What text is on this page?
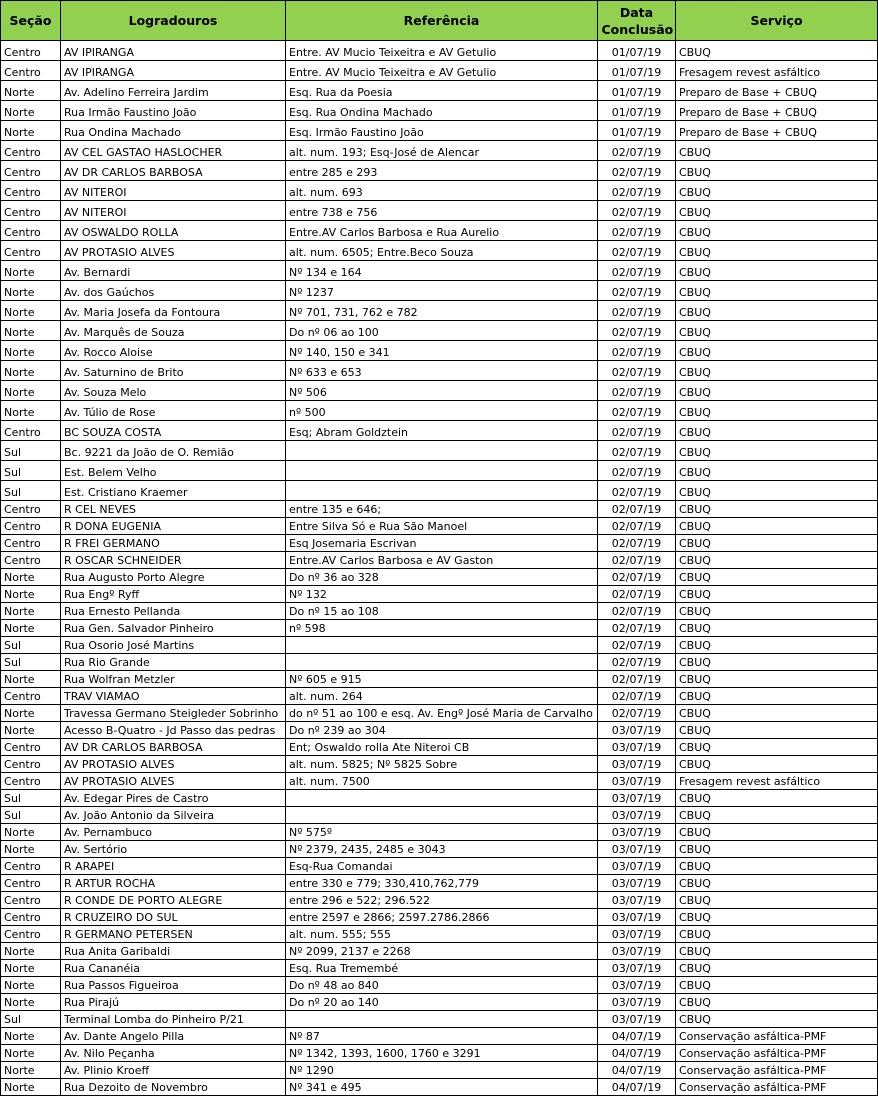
Seção	Logradouros	Referência	Data Conclusão	Serviço
Centro	AV IPIRANGA	Entre. AV Mucio Teixeitra e AV Getulio	01/07/19	CBUQ
Centro	AV IPIRANGA	Entre. AV Mucio Teixeitra e AV Getulio	01/07/19	Fresagem revest asfáltico
Norte	Av. Adelino Ferreira Jardim	Esq. Rua da Poesia	01/07/19	Preparo de Base + CBUQ
Norte	Rua Irmão Faustino João	Esq. Rua Ondina Machado	01/07/19	Preparo de Base + CBUQ
Norte	Rua Ondina Machado	Esq. Irmão Faustino João	01/07/19	Preparo de Base + CBUQ
Centro	AV CEL GASTAO HASLOCHER	alt. num. 193; Esq-José de Alencar	02/07/19	CBUQ
Centro	AV DR CARLOS BARBOSA	entre 285 e 293	02/07/19	CBUQ
Centro	AV NITEROI	alt. num. 693	02/07/19	CBUQ
Centro	AV NITEROI	entre 738 e 756	02/07/19	CBUQ
Centro	AV OSWALDO ROLLA	Entre.AV Carlos Barbosa e Rua Aurelio	02/07/19	CBUQ
Centro	AV PROTASIO ALVES	alt. num. 6505; Entre.Beco Souza	02/07/19	CBUQ
Norte	Av. Bernardi	Nº 134 e 164	02/07/19	CBUQ
Norte	Av. dos Gaúchos	Nº 1237	02/07/19	CBUQ
Norte	Av. Maria Josefa da Fontoura	Nº 701, 731, 762 e 782	02/07/19	CBUQ
Norte	Av. Marquês de Souza	Do nº 06 ao 100	02/07/19	CBUQ
Norte	Av. Rocco Aloise	Nº 140, 150 e 341	02/07/19	CBUQ
Norte	Av. Saturnino de Brito	Nº 633 e 653	02/07/19	CBUQ
Norte	Av. Souza Melo	Nº 506	02/07/19	CBUQ
Norte	Av. Túlio de Rose	nº 500	02/07/19	CBUQ
Centro	BC SOUZA COSTA	Esq; Abram Goldztein	02/07/19	CBUQ
Sul	Bc. 9221 da João de O. Remião		02/07/19	CBUQ
Sul	Est. Belem Velho		02/07/19	CBUQ
Sul	Est. Cristiano Kraemer		02/07/19	CBUQ
Centro	R CEL NEVES	entre 135 e 646;	02/07/19	CBUQ
Centro	R DONA EUGENIA	Entre Silva Só e Rua São Manoel	02/07/19	CBUQ
Centro	R FREI GERMANO	Esq Josemaria Escrivan	02/07/19	CBUQ
Centro	R OSCAR SCHNEIDER	Entre.AV Carlos Barbosa e AV Gaston	02/07/19	CBUQ
Norte	Rua Augusto Porto Alegre	Do nº 36 ao 328	02/07/19	CBUQ
Norte	Rua Engº Ryff	Nº 132	02/07/19	CBUQ
Norte	Rua Ernesto Pellanda	Do nº 15 ao 108	02/07/19	CBUQ
Norte	Rua Gen. Salvador Pinheiro	nº 598	02/07/19	CBUQ
Sul	Rua Osorio José Martins		02/07/19	CBUQ
Sul	Rua Rio Grande		02/07/19	CBUQ
Norte	Rua Wolfran Metzler	Nº 605 e 915	02/07/19	CBUQ
Centro	TRAV VIAMAO	alt. num. 264	02/07/19	CBUQ
Norte	Travessa Germano Steigleder Sobrinho	do nº 51 ao 100 e esq. Av. Engº José Maria de Carvalho	02/07/19	CBUQ
Norte	Acesso B-Quatro - Jd Passo das pedras	Do nº 239 ao 304	03/07/19	CBUQ
Centro	AV DR CARLOS BARBOSA	Ent; Oswaldo rolla Ate Niteroi CB	03/07/19	CBUQ
Centro	AV PROTASIO ALVES	alt. num. 5825; Nº 5825 Sobre	03/07/19	CBUQ
Centro	AV PROTASIO ALVES	alt. num. 7500	03/07/19	Fresagem revest asfáltico
Sul	Av. Edegar Pires de Castro		03/07/19	CBUQ
Sul	Av. João Antonio da Silveira		03/07/19	CBUQ
Norte	Av. Pernambuco	Nº 575º	03/07/19	CBUQ
Norte	Av. Sertório	Nº 2379, 2435, 2485 e 3043	03/07/19	CBUQ
Centro	R ARAPEI	Esq-Rua Comandai	03/07/19	CBUQ
Centro	R ARTUR ROCHA	entre 330 e 779; 330,410,762,779	03/07/19	CBUQ
Centro	R CONDE DE PORTO ALEGRE	entre 296 e 522; 296.522	03/07/19	CBUQ
Centro	R CRUZEIRO DO SUL	entre 2597 e 2866; 2597.2786.2866	03/07/19	CBUQ
Centro	R GERMANO PETERSEN	alt. num. 555; 555	03/07/19	CBUQ
Norte	Rua Anita Garibaldi	Nº 2099, 2137 e 2268	03/07/19	CBUQ
Norte	Rua Cananéia	Esq. Rua Tremembé	03/07/19	CBUQ
Norte	Rua Passos Figueiroa	Do nº 48 ao 840	03/07/19	CBUQ
Norte	Rua Pirajú	Do nº 20 ao 140	03/07/19	CBUQ
Sul	Terminal Lomba do Pinheiro P/21		03/07/19	CBUQ
Norte	Av. Dante Angelo Pilla	Nº 87	04/07/19	Conservação asfáltica-PMF
Norte	Av. Nilo Peçanha	Nº 1342, 1393, 1600, 1760 e 3291	04/07/19	Conservação asfáltica-PMF
Norte	Av. Plinio Kroeff	Nº 1290	04/07/19	Conservação asfáltica-PMF
Norte	Rua Dezoito de Novembro	Nº 341 e 495	04/07/19	Conservação asfáltica-PMF
